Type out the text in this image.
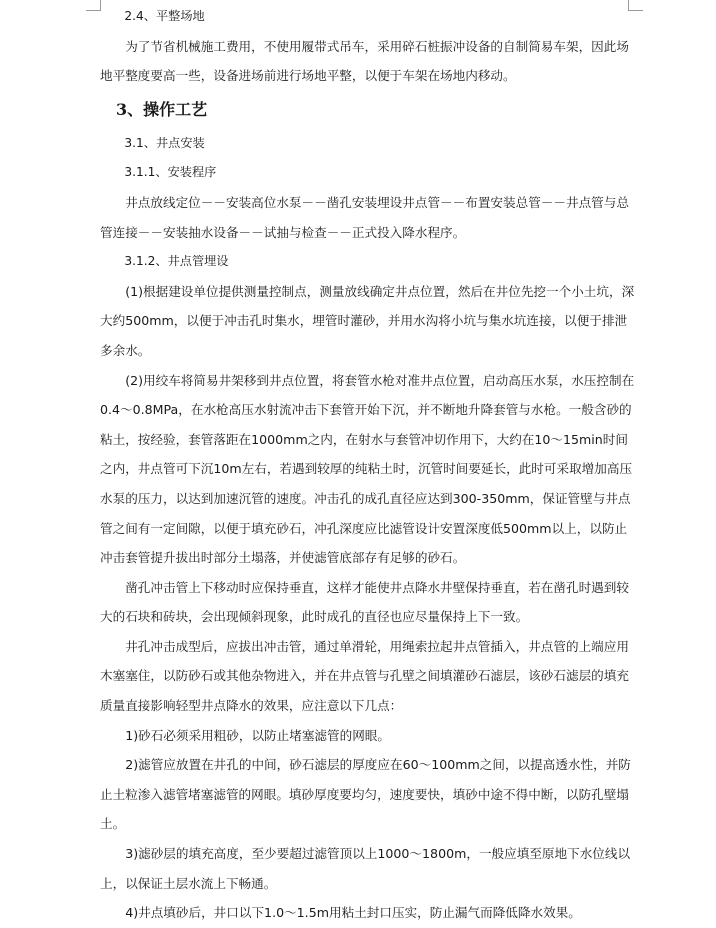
2.4、平整场地

为了节省机械施工费用，不使用履带式吊车，采用碎石桩振冲设备的自制简易车架，因此场地平整度要高一些，设备进场前进行场地平整，以便于车架在场地内移动。

3、操作工艺

3.1、井点安装

3.1.1、安装程序

井点放线定位－－安装高位水泵－－凿孔安装埋设井点管－－布置安装总管－－井点管与总管连接－－安装抽水设备－－试抽与检查－－正式投入降水程序。

3.1.2、井点管埋设

(1)根据建设单位提供测量控制点，测量放线确定井点位置，然后在井位先挖一个小土坑，深大约500mm，以便于冲击孔时集水，埋管时灌砂，并用水沟将小坑与集水坑连接，以便于排泄多余水。

(2)用绞车将简易井架移到井点位置，将套管水枪对准井点位置，启动高压水泵，水压控制在0.4～0.8MPa，在水枪高压水射流冲击下套管开始下沉，并不断地升降套管与水枪。一般含砂的粘土，按经验，套管落距在1000mm之内，在射水与套管冲切作用下，大约在10～15min时间之内，井点管可下沉10m左右，若遇到较厚的纯粘土时，沉管时间要延长，此时可采取增加高压水泵的压力，以达到加速沉管的速度。冲击孔的成孔直径应达到300-350mm，保证管壁与井点管之间有一定间隙，以便于填充砂石，冲孔深度应比滤管设计安置深度低500mm以上，以防止冲击套管提升拔出时部分土塌落，并使滤管底部存有足够的砂石。

凿孔冲击管上下移动时应保持垂直，这样才能使井点降水井壁保持垂直，若在凿孔时遇到较大的石块和砖块，会出现倾斜现象，此时成孔的直径也应尽量保持上下一致。

井孔冲击成型后，应拔出冲击管，通过单滑轮，用绳索拉起井点管插入，井点管的上端应用木塞塞住，以防砂石或其他杂物进入，并在井点管与孔壁之间填灌砂石滤层，该砂石滤层的填充质量直接影响轻型井点降水的效果，应注意以下几点：

1)砂石必须采用粗砂，以防止堵塞滤管的网眼。

2)滤管应放置在井孔的中间，砂石滤层的厚度应在60～100mm之间，以提高透水性，并防止土粒渗入滤管堵塞滤管的网眼。填砂厚度要均匀，速度要快，填砂中途不得中断，以防孔壁塌土。

3)滤砂层的填充高度，至少要超过滤管顶以上1000～1800m，一般应填至原地下水位线以上，以保证土层水流上下畅通。

4)井点填砂后，井口以下1.0～1.5m用粘土封口压实，防止漏气而降低降水效果。
